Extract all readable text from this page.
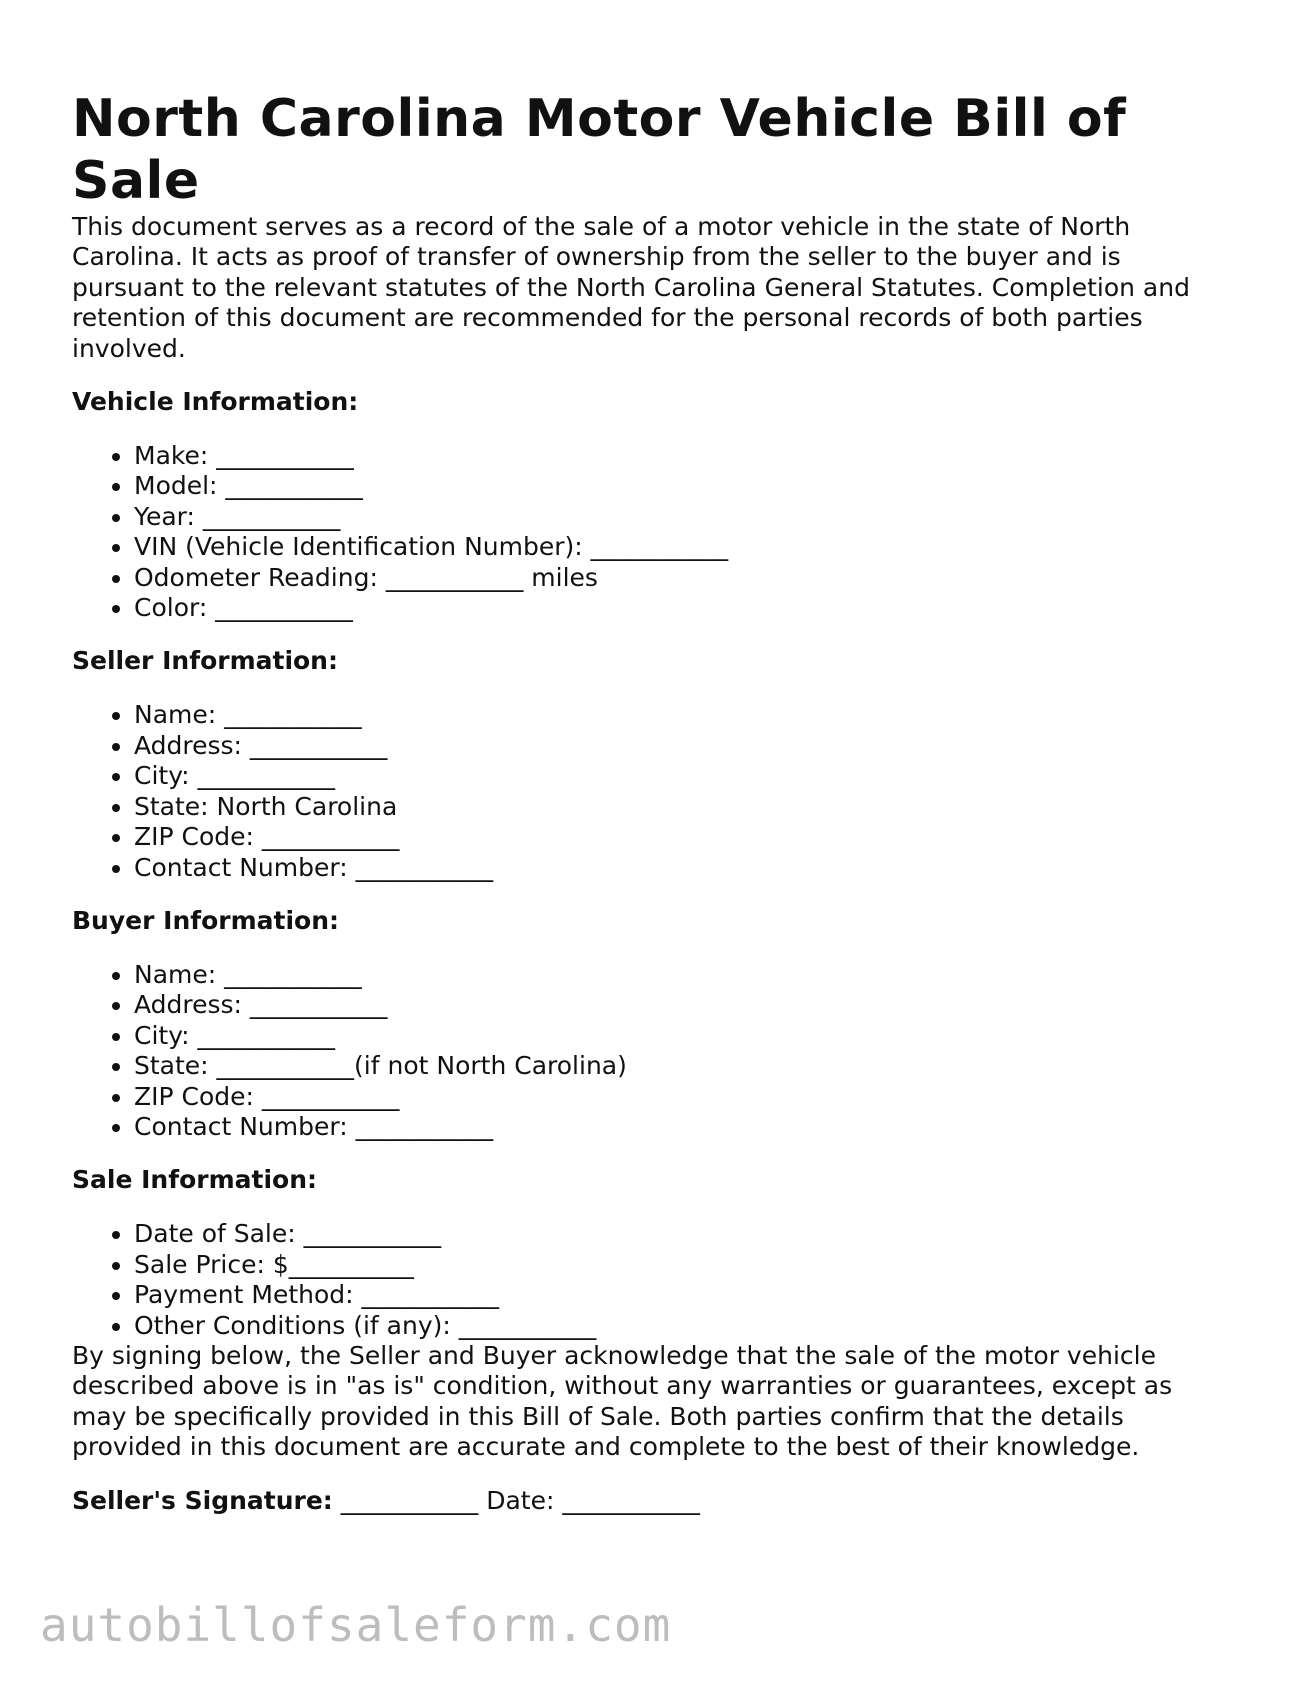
North Carolina Motor Vehicle Bill of Sale

This document serves as a record of the sale of a motor vehicle in the state of North Carolina. It acts as proof of transfer of ownership from the seller to the buyer and is pursuant to the relevant statutes of the North Carolina General Statutes. Completion and retention of this document are recommended for the personal records of both parties involved.

Vehicle Information:
• Make: ___________
• Model: ___________
• Year: ___________
• VIN (Vehicle Identification Number): ___________
• Odometer Reading: ___________ miles
• Color: ___________
Seller Information:
• Name: ___________
• Address: ___________
• City: ___________
• State: North Carolina
• ZIP Code: ___________
• Contact Number: ___________
Buyer Information:
• Name: ___________
• Address: ___________
• City: ___________
• State: ___________(if not North Carolina)
• ZIP Code: ___________
• Contact Number: ___________
Sale Information:
• Date of Sale: ___________
• Sale Price: $__________
• Payment Method: ___________
• Other Conditions (if any): ___________

By signing below, the Seller and Buyer acknowledge that the sale of the motor vehicle described above is in "as is" condition, without any warranties or guarantees, except as may be specifically provided in this Bill of Sale. Both parties confirm that the details provided in this document are accurate and complete to the best of their knowledge.

Seller's Signature: ___________ Date: ___________
autobillofsaleform.com
